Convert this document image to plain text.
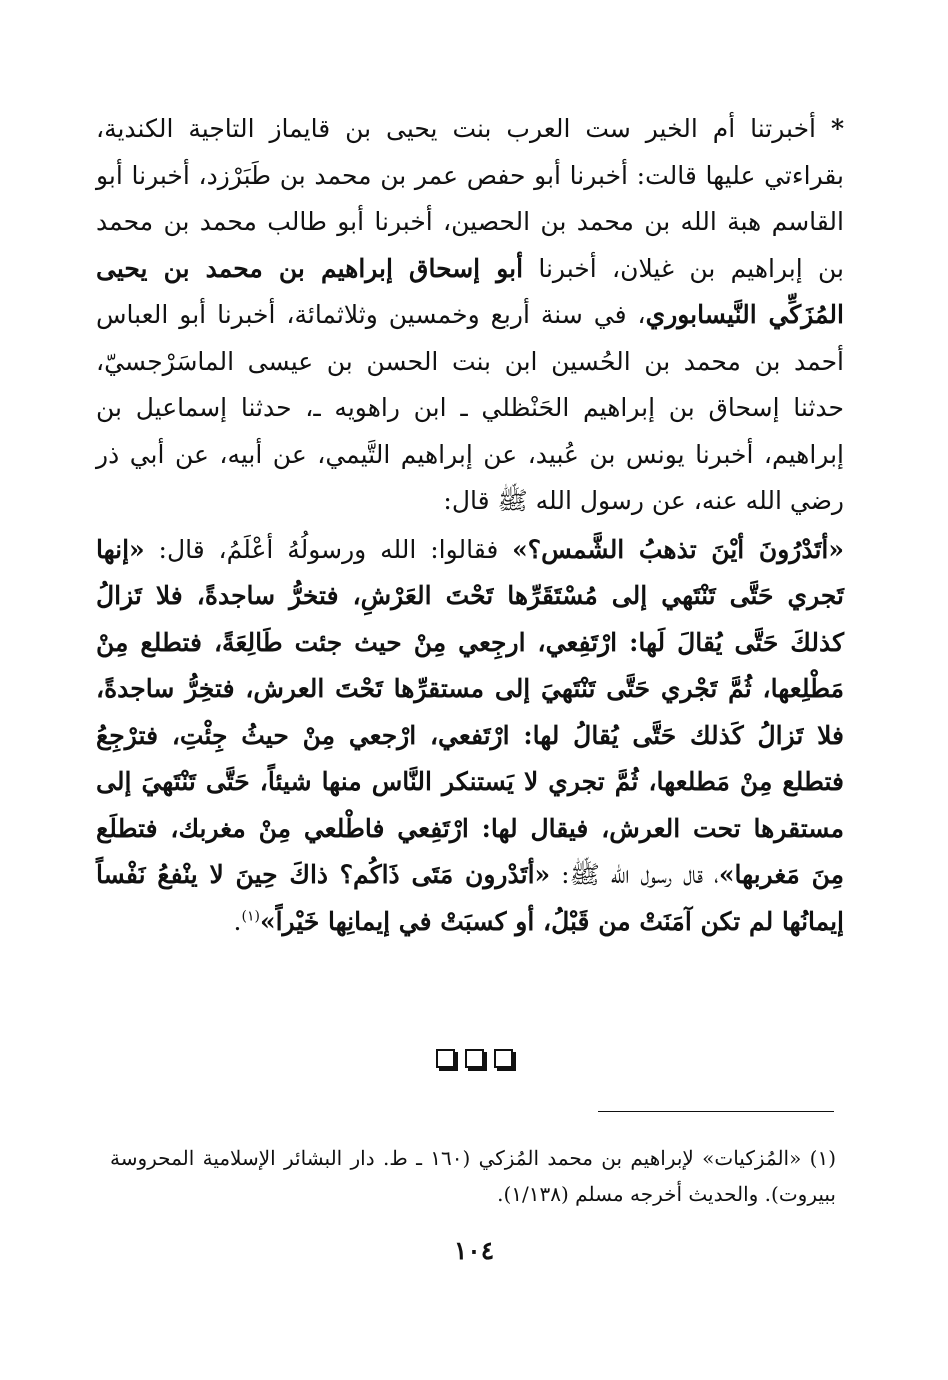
* أخبرتنا أم الخير ست العرب بنت يحيى بن قايماز التاجية الكندية، بقراءتي عليها قالت: أخبرنا أبو حفص عمر بن محمد بن طَبَرْزد، أخبرنا أبو القاسم هبة الله بن محمد بن الحصين، أخبرنا أبو طالب محمد بن محمد بن إبراهيم بن غيلان، أخبرنا أبو إسحاق إبراهيم بن محمد بن يحيى المُزَكِّي النَّيسابوري، في سنة أربع وخمسين وثلاثمائة، أخبرنا أبو العباس أحمد بن محمد بن الحُسين ابن بنت الحسن بن عيسى الماسَرْجسيّ، حدثنا إسحاق بن إبراهيم الحَنْظلي ـ ابن راهويه ـ، حدثنا إسماعيل بن إبراهيم، أخبرنا يونس بن عُبيد، عن إبراهيم التَّيمي، عن أبيه، عن أبي ذر رضي الله عنه، عن رسول الله ﷺ قال:

«أتَدْرُونَ أيْنَ تذهبُ الشَّمس؟» فقالوا: الله ورسولُهُ أعْلَمُ، قال: «إنها تَجري حَتَّى تَنْتَهي إلى مُسْتَقَرِّها تَحْتَ العَرْشِ، فتخرُّ ساجدةً، فلا تَزالُ كذلكَ حَتَّى يُقالَ لَها: ارْتَفِعي، ارجِعي مِنْ حيث جئت طَالِعَةً، فتطلع مِنْ مَطْلِعها، ثُمَّ تَجْري حَتَّى تَنْتَهيَ إلى مستقرِّها تَحْتَ العرش، فتخِرُّ ساجدةً، فلا تَزالُ كَذلك حَتَّى يُقالُ لها: ارْتَفعي، ارْجعي مِنْ حيثُ جِئْتِ، فترْجِعُ فتطلع مِنْ مَطلعها، ثُمَّ تجري لا يَستنكر النَّاس منها شيئاً، حَتَّى تَنْتَهيَ إلى مستقرها تحت العرش، فيقال لها: ارْتَفِعي فاطْلعي مِنْ مغربك، فتطلَع مِنَ مَغربها»، قال رسول الله ﷺ: «أتَدْرون مَتَى ذَاكُم؟ ذاكَ حِينَ لا ينْفعُ نَفْساً إيمانُها لم تكن آمَنَتْ من قَبْلُ، أو كسبَتْ في إيمانِها خَيْراً»$^{(١)}$.

(١) «المُزكيات» لإبراهيم بن محمد المُزكي (١٦٠ ـ ط. دار البشائر الإسلامية المحروسة ببيروت). والحديث أخرجه مسلم (١/١٣٨).

١٠٤
